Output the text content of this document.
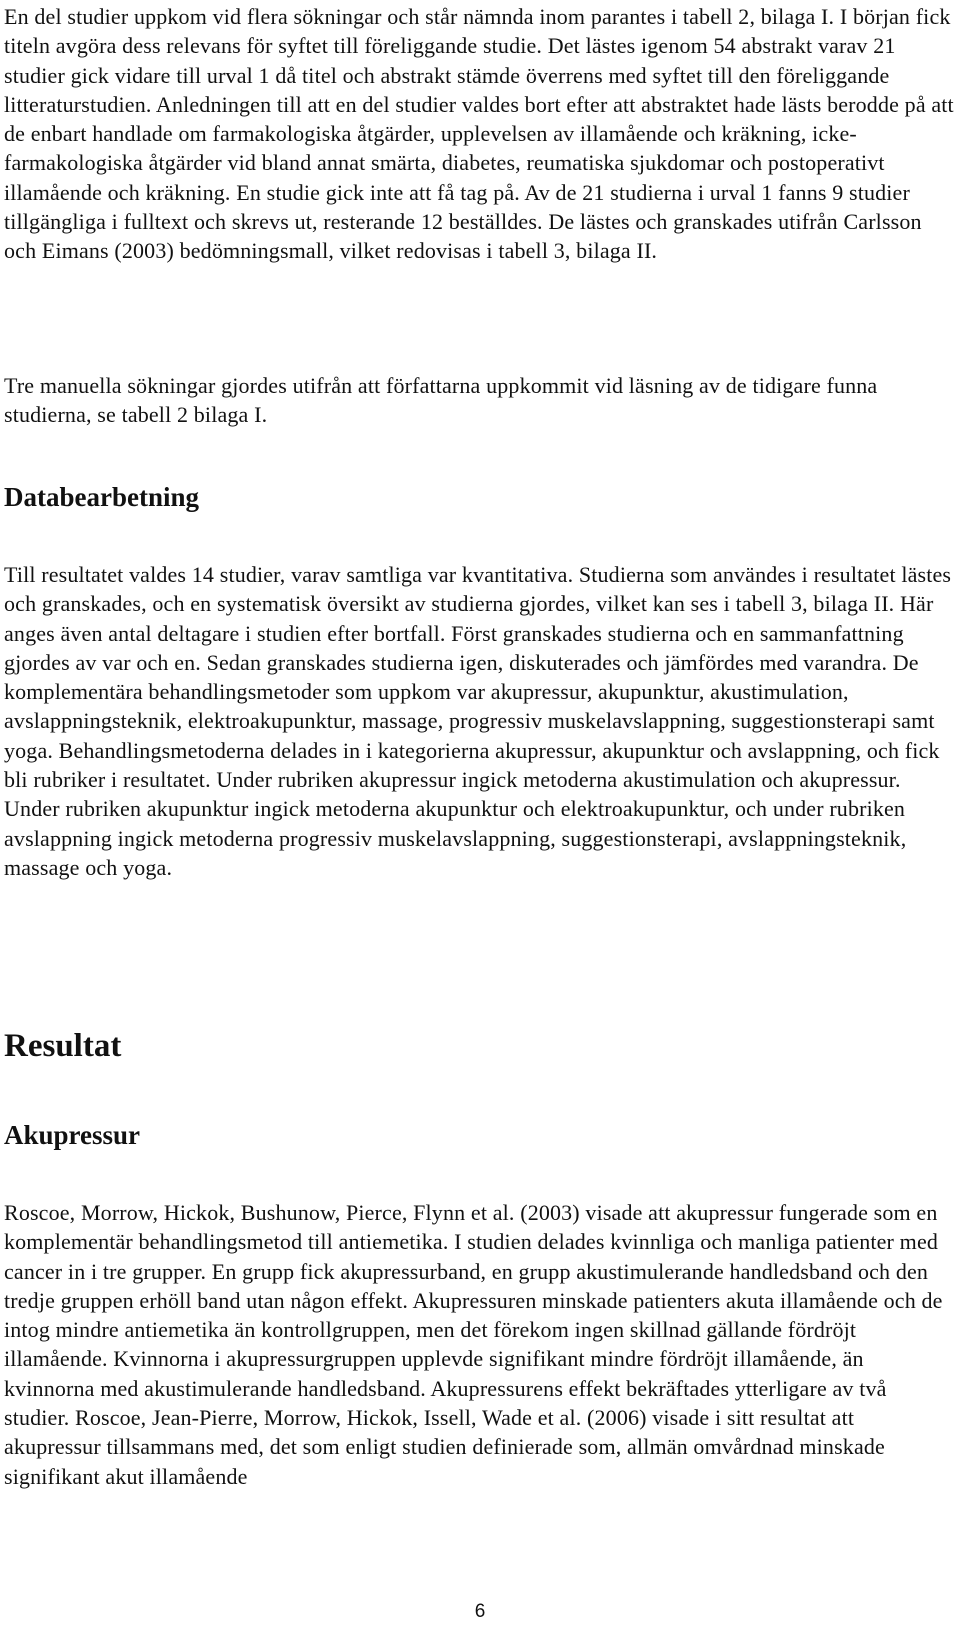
En del studier uppkom vid flera sökningar och står nämnda inom parantes i tabell 2, bilaga I. I början fick titeln avgöra dess relevans för syftet till föreliggande studie. Det lästes igenom 54 abstrakt varav 21 studier gick vidare till urval 1 då titel och abstrakt stämde överrens med syftet till den föreliggande litteraturstudien. Anledningen till att en del studier valdes bort efter att abstraktet hade lästs berodde på att de enbart handlade om farmakologiska åtgärder, upplevelsen av illamående och kräkning, icke-farmakologiska åtgärder vid bland annat smärta, diabetes, reumatiska sjukdomar och postoperativt illamående och kräkning. En studie gick inte att få tag på. Av de 21 studierna i urval 1 fanns 9 studier tillgängliga i fulltext och skrevs ut, resterande 12 beställdes. De lästes och granskades utifrån Carlsson och Eimans (2003) bedömningsmall, vilket redovisas i tabell 3, bilaga II.

Tre manuella sökningar gjordes utifrån att författarna uppkommit vid läsning av de tidigare funna studierna, se tabell 2 bilaga I.

Databearbetning

Till resultatet valdes 14 studier, varav samtliga var kvantitativa. Studierna som användes i resultatet lästes och granskades, och en systematisk översikt av studierna gjordes, vilket kan ses i tabell 3, bilaga II. Här anges även antal deltagare i studien efter bortfall. Först granskades studierna och en sammanfattning gjordes av var och en. Sedan granskades studierna igen, diskuterades och jämfördes med varandra. De komplementära behandlingsmetoder som uppkom var akupressur, akupunktur, akustimulation, avslappningsteknik, elektroakupunktur, massage, progressiv muskelavslappning, suggestionsterapi samt yoga. Behandlingsmetoderna delades in i kategorierna akupressur, akupunktur och avslappning, och fick bli rubriker i resultatet. Under rubriken akupressur ingick metoderna akustimulation och akupressur. Under rubriken akupunktur ingick metoderna akupunktur och elektroakupunktur, och under rubriken avslappning ingick metoderna progressiv muskelavslappning, suggestionsterapi, avslappningsteknik, massage och yoga.

Resultat
Akupressur

Roscoe, Morrow, Hickok, Bushunow, Pierce, Flynn et al. (2003) visade att akupressur fungerade som en komplementär behandlingsmetod till antiemetika. I studien delades kvinnliga och manliga patienter med cancer in i tre grupper. En grupp fick akupressurband, en grupp akustimulerande handledsband och den tredje gruppen erhöll band utan någon effekt. Akupressuren minskade patienters akuta illamående och de intog mindre antiemetika än kontrollgruppen, men det förekom ingen skillnad gällande fördröjt illamående. Kvinnorna i akupressurgruppen upplevde signifikant mindre fördröjt illamående, än kvinnorna med akustimulerande handledsband. Akupressurens effekt bekräftades ytterligare av två studier. Roscoe, Jean-Pierre, Morrow, Hickok, Issell, Wade et al. (2006) visade i sitt resultat att akupressur tillsammans med, det som enligt studien definierade som, allmän omvårdnad minskade signifikant akut illamående

6
